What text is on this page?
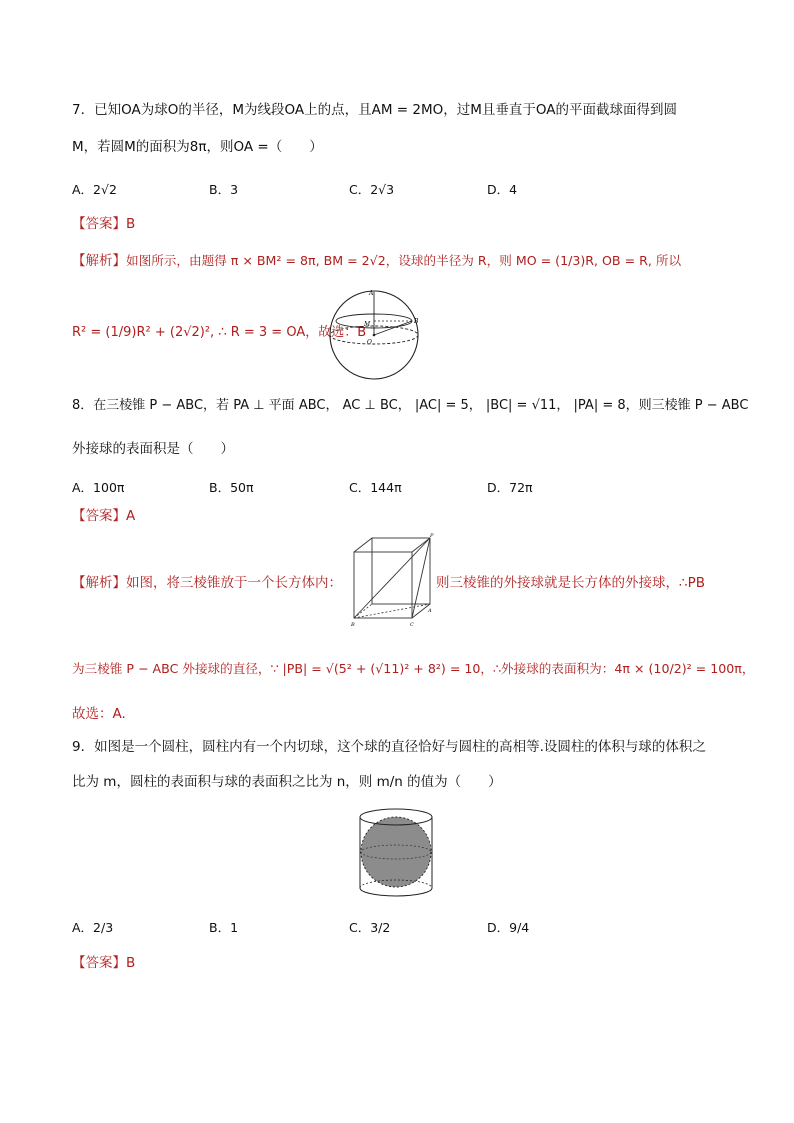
7．已知OA为球O的半径，M为线段OA上的点，且AM = 2MO，过M且垂直于OA的平面截球面得到圆
M，若圆M的面积为8π，则OA =（　　）
A．2√2	B．3	C．2√3	D．4
【答案】B
【解析】如图所示，由题得 π × BM² = 8π, BM = 2√2，设球的半径为 R，则 MO = (1/3)R, OB = R, 所以
R² = (1/9)R² + (2√2)², ∴ R = 3 = OA，故选：B
A
M	B
O
8．在三棱锥 P − ABC，若 PA ⊥ 平面 ABC， AC ⊥ BC， |AC| = 5， |BC| = √11， |PA| = 8，则三棱锥 P − ABC
外接球的表面积是（　　）
A．100π	B．50π	C．144π	D．72π
【答案】A
【解析】如图，将三棱锥放于一个长方体内：	则三棱锥的外接球就是长方体的外接球，∴PB
P
A
B	C
为三棱锥 P − ABC 外接球的直径，∵ |PB| = √(5² + (√11)² + 8²) = 10，∴外接球的表面积为：4π × (10/2)² = 100π，
故选：A.
9．如图是一个圆柱，圆柱内有一个内切球，这个球的直径恰好与圆柱的高相等.设圆柱的体积与球的体积之
比为 m，圆柱的表面积与球的表面积之比为 n，则 m/n 的值为（　　）
A．2/3	B．1	C．3/2	D．9/4
【答案】B
